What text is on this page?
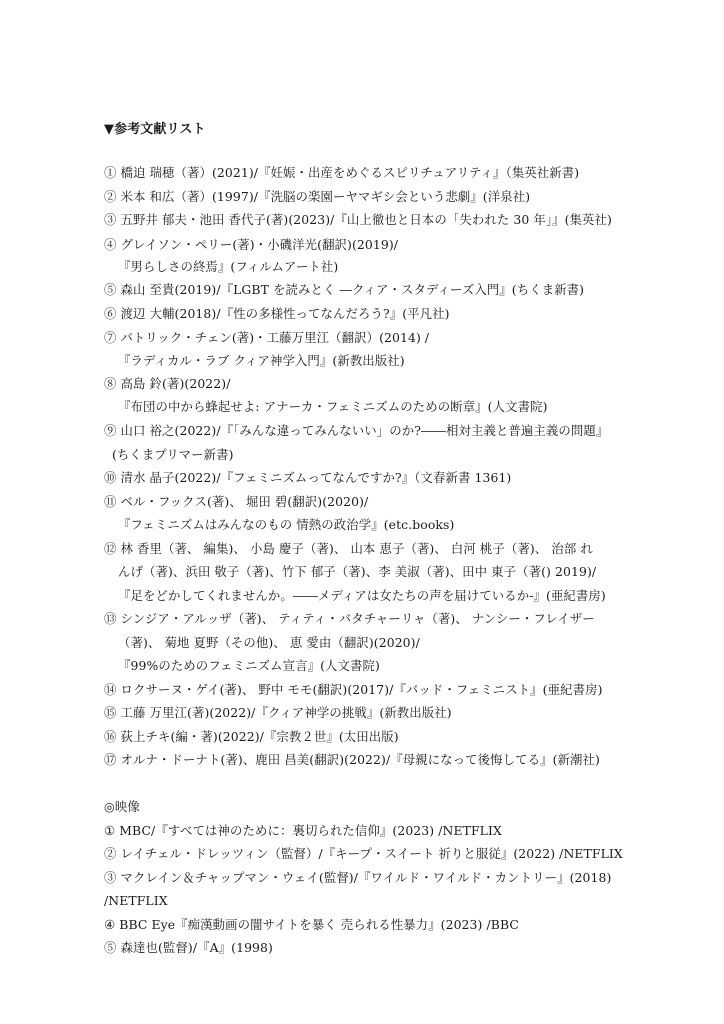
▼参考文献リスト
① 橋迫 瑞穂（著）(2021)/『妊娠・出産をめぐるスピリチュアリティ』（集英社新書)
② 米本 和広（著）(1997)/『洗脳の楽園ーヤマギシ会という悲劇』(洋泉社)
③ 五野井 郁夫・池田 香代子(著)(2023)/『山上徹也と日本の「失われた 30 年」』(集英社)
④ グレイソン・ペリー(著)・小磯洋光(翻訳)(2019)/
『男らしさの終焉』(フィルムアート社)
⑤ 森山 至貴(2019)/『LGBT を読みとく ―クィア・スタディーズ入門』(ちくま新書)
⑥ 渡辺 大輔(2018)/『性の多様性ってなんだろう?』(平凡社)
⑦ パトリック・チェン(著)・工藤万里江（翻訳）(2014) /
『ラディカル・ラブ クィア神学入門』(新教出版社)
⑧ 高島 鈴(著)(2022)/
『布団の中から蜂起せよ: アナーカ・フェミニズムのための断章』(人文書院)
⑨ 山口 裕之(2022)/『「みんな違ってみんないい」のか?――相対主義と普遍主義の問題』
(ちくまプリマー新書)
⑩ 清水 晶子(2022)/『フェミニズムってなんですか?』（文春新書 1361)
⑪ ベル・フックス(著)、 堀田 碧(翻訳)(2020)/
『フェミニズムはみんなのもの 情熱の政治学』(etc.books)
⑫ 林 香里（著、 編集)、 小島 慶子（著)、 山本 恵子（著)、 白河 桃子（著)、 治部 れ
んげ（著)、浜田 敬子（著)、竹下 郁子（著)、李 美淑（著)、田中 東子（著() 2019)/
『足をどかしてくれませんか。――メディアは女たちの声を届けているか-』(亜紀書房)
⑬ シンジア・アルッザ（著)、 ティティ・バタチャーリャ（著)、 ナンシー・フレイザー
（著)、 菊地 夏野（その他)、 恵 愛由（翻訳)(2020)/
『99%のためのフェミニズム宣言』(人文書院)
⑭ ロクサーヌ・ゲイ(著)、 野中 モモ(翻訳)(2017)/『バッド・フェミニスト』(亜紀書房)
⑮ 工藤 万里江(著)(2022)/『クィア神学の挑戦』(新教出版社)
⑯ 荻上チキ(編・著)(2022)/『宗教２世』(太田出版)
⑰ オルナ・ドーナト(著)、鹿田 昌美(翻訳)(2022)/『母親になって後悔してる』(新潮社)
◎映像
① MBC/『すべては神のために：裏切られた信仰』(2023) /NETFLIX
② レイチェル・ドレッツィン（監督）/『キープ・スイート 祈りと服従』(2022) /NETFLIX
③ マクレイン＆チャップマン・ウェイ(監督)/『ワイルド・ワイルド・カントリー』(2018)
/NETFLIX
④ BBC Eye『痴漢動画の闇サイトを暴く 売られる性暴力』(2023) /BBC
⑤ 森達也(監督)/『A』(1998)
